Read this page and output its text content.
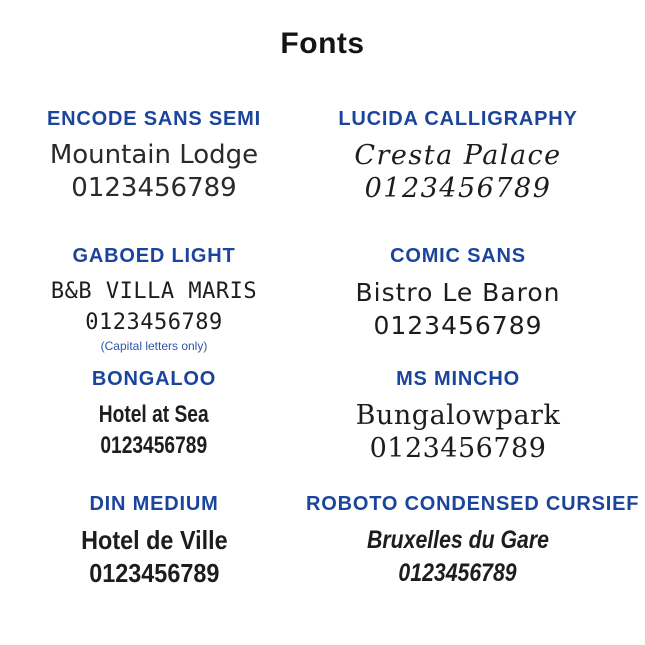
Fonts
ENCODE SANS SEMI
Mountain Lodge
0123456789
LUCIDA CALLIGRAPHY
Cresta Palace
0123456789
GABOED LIGHT
B&B VILLA MARIS
0123456789
(Capital letters only)
COMIC SANS
Bistro Le Baron
0123456789
BONGALOO
Hotel at Sea
0123456789
MS MINCHO
Bungalowpark
0123456789
DIN MEDIUM
Hotel de Ville
0123456789
ROBOTO CONDENSED CURSIEF
Bruxelles du Gare
0123456789
